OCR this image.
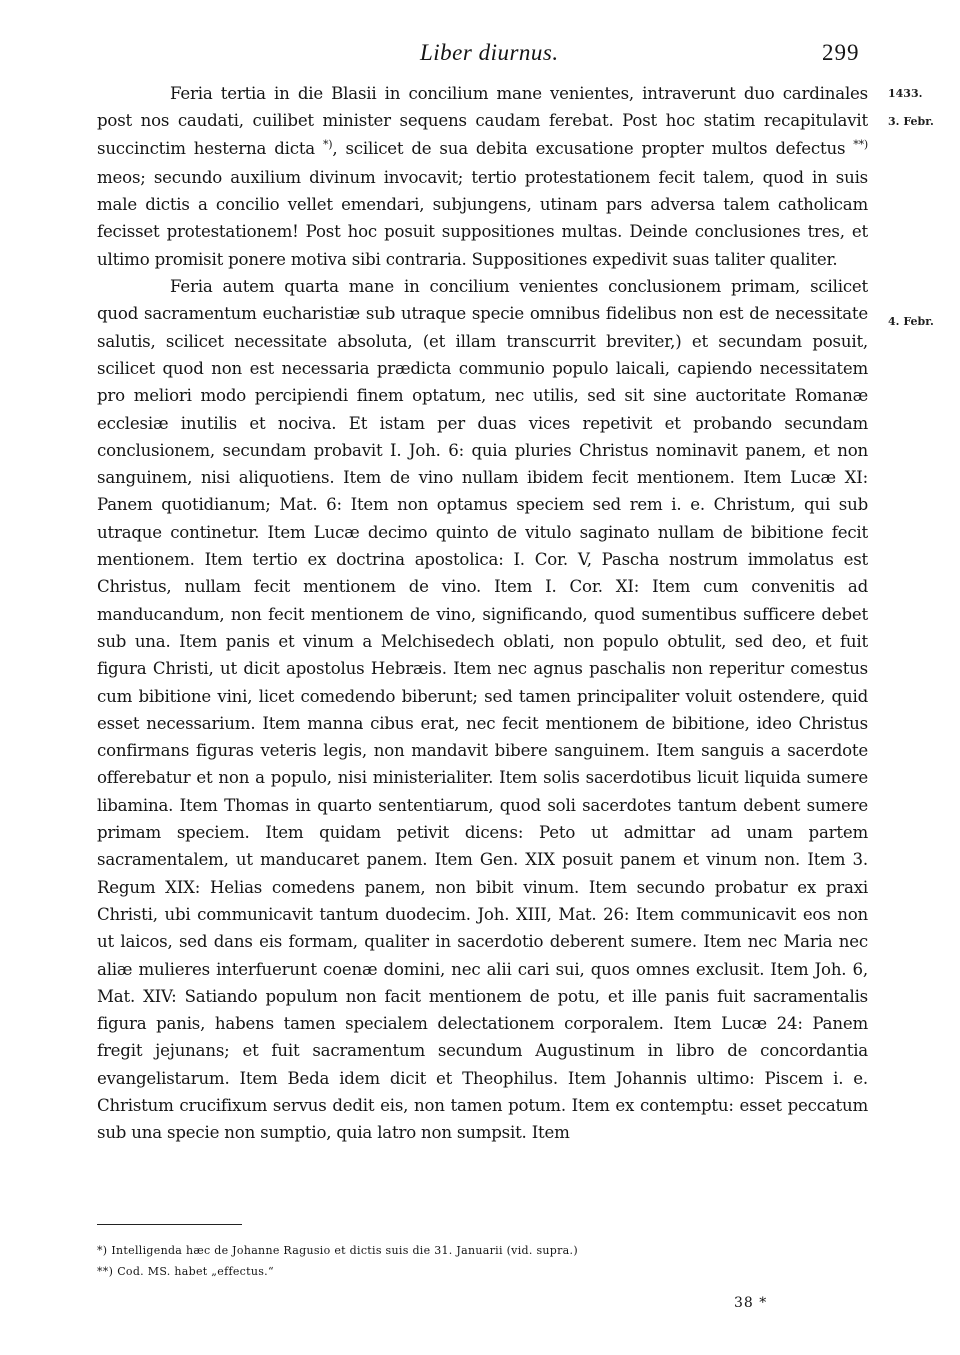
Liber diurnus.	299
1433.
3. Febr.
4. Febr.

Feria tertia in die Blasii in concilium mane venientes, intraverunt duo cardinales post nos caudati, cuilibet minister sequens caudam ferebat. Post hoc statim recapitulavit succinctim hesterna dicta *), scilicet de sua debita excusatione propter multos defectus **) meos; secundo auxilium divinum invocavit; tertio protestationem fecit talem, quod in suis male dictis a concilio vellet emendari, subjungens, utinam pars adversa talem catholicam fecisset protestationem! Post hoc posuit suppositiones multas. Deinde conclusiones tres, et ultimo promisit ponere motiva sibi contraria. Suppositiones expedivit suas taliter qualiter.

Feria autem quarta mane in concilium venientes conclusionem primam, scilicet quod sacramentum eucharistiæ sub utraque specie omnibus fidelibus non est de necessitate salutis, scilicet necessitate absoluta, (et illam transcurrit breviter,) et secundam posuit, scilicet quod non est necessaria prædicta communio populo laicali, capiendo necessitatem pro meliori modo percipiendi finem optatum, nec utilis, sed sit sine auctoritate Romanæ ecclesiæ inutilis et nociva. Et istam per duas vices repetivit et probando secundam conclusionem, secundam probavit I. Joh. 6: quia pluries Christus nominavit panem, et non sanguinem, nisi aliquotiens. Item de vino nullam ibidem fecit mentionem. Item Lucæ XI: Panem quotidianum; Mat. 6: Item non optamus speciem sed rem i. e. Christum, qui sub utraque continetur. Item Lucæ decimo quinto de vitulo saginato nullam de bibitione fecit mentionem. Item tertio ex doctrina apostolica: I. Cor. V, Pascha nostrum immolatus est Christus, nullam fecit mentionem de vino. Item I. Cor. XI: Item cum convenitis ad manducandum, non fecit mentionem de vino, significando, quod sumentibus sufficere debet sub una. Item panis et vinum a Melchisedech oblati, non populo obtulit, sed deo, et fuit figura Christi, ut dicit apostolus Hebræis. Item nec agnus paschalis non reperitur comestus cum bibitione vini, licet comedendo biberunt; sed tamen principaliter voluit ostendere, quid esset necessarium. Item manna cibus erat, nec fecit mentionem de bibitione, ideo Christus confirmans figuras veteris legis, non mandavit bibere sanguinem. Item sanguis a sacerdote offerebatur et non a populo, nisi ministerialiter. Item solis sacerdotibus licuit liquida sumere libamina. Item Thomas in quarto sententiarum, quod soli sacerdotes tantum debent sumere primam speciem. Item quidam petivit dicens: Peto ut admittar ad unam partem sacramentalem, ut manducaret panem. Item Gen. XIX posuit panem et vinum non. Item 3. Regum XIX: Helias comedens panem, non bibit vinum. Item secundo probatur ex praxi Christi, ubi communicavit tantum duodecim. Joh. XIII, Mat. 26: Item communicavit eos non ut laicos, sed dans eis formam, qualiter in sacerdotio deberent sumere. Item nec Maria nec aliæ mulieres interfuerunt coenæ domini, nec alii cari sui, quos omnes exclusit. Item Joh. 6, Mat. XIV: Satiando populum non facit mentionem de potu, et ille panis fuit sacramentalis figura panis, habens tamen specialem delectationem corporalem. Item Lucæ 24: Panem fregit jejunans; et fuit sacramentum secundum Augustinum in libro de concordantia evangelistarum. Item Beda idem dicit et Theophilus. Item Johannis ultimo: Piscem i. e. Christum crucifixum servus dedit eis, non tamen potum. Item ex contemptu: esset peccatum sub una specie non sumptio, quia latro non sumpsit. Item

*) Intelligenda hæc de Johanne Ragusio et dictis suis die 31. Januarii (vid. supra.)

**) Cod. MS. habet „effectus.“

38 *
